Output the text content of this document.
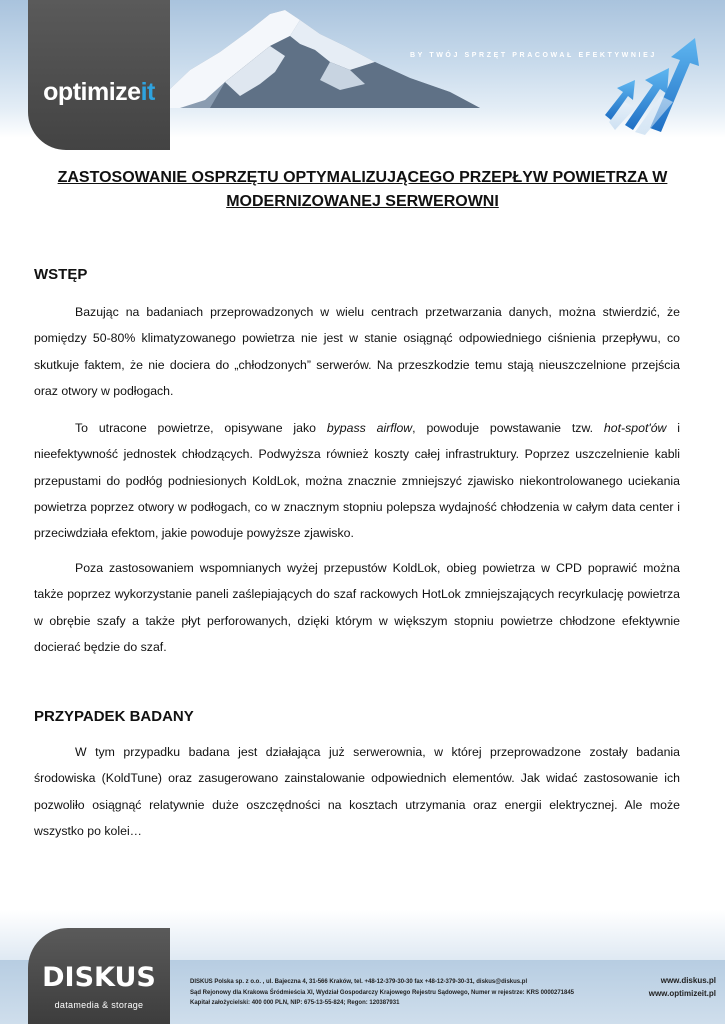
optimizeit
BY TWÓJ SPRZĘT PRACOWAŁ EFEKTYWNIEJ
ZASTOSOWANIE OSPRZĘTU OPTYMALIZUJĄCEGO PRZEPŁYW POWIETRZA W
MODERNIZOWANEJ SERWEROWNI
WSTĘP
Bazując na badaniach przeprowadzonych w wielu centrach przetwarzania danych, można stwierdzić, że pomiędzy 50-80% klimatyzowanego powietrza nie jest w stanie osiągnąć odpowiedniego ciśnienia przepływu, co skutkuje faktem, że nie dociera do „chłodzonych” serwerów. Na przeszkodzie temu stają nieuszczelnione przejścia oraz otwory w podłogach.
To utracone powietrze, opisywane jako bypass airflow, powoduje powstawanie tzw. hot-spot'ów i nieefektywność jednostek chłodzących. Podwyższa również koszty całej infrastruktury. Poprzez uszczelnienie kabli przepustami do podłóg podniesionych KoldLok, można znacznie zmniejszyć zjawisko niekontrolowanego uciekania powietrza poprzez otwory w podłogach, co w znacznym stopniu polepsza wydajność chłodzenia w całym data center i przeciwdziała efektom, jakie powoduje powyższe zjawisko.
Poza zastosowaniem wspomnianych wyżej przepustów KoldLok, obieg powietrza w CPD poprawić można także poprzez wykorzystanie paneli zaślepiających do szaf rackowych HotLok zmniejszających recyrkulację powietrza w obrębie szafy a także płyt perforowanych, dzięki którym w większym stopniu powietrze chłodzone efektywnie docierać będzie do szaf.
PRZYPADEK BADANY
W tym przypadku badana jest działająca już serwerownia, w której przeprowadzone zostały badania środowiska (KoldTune) oraz zasugerowano zainstalowanie odpowiednich elementów. Jak widać zastosowanie ich pozwoliło osiągnąć relatywnie duże oszczędności na kosztach utrzymania oraz energii elektrycznej. Ale może wszystko po kolei…
DISKUS
datamedia & storage
DISKUS Polska sp. z o.o. , ul. Bajeczna 4, 31-566 Kraków, tel. +48-12-379-30-30 fax +48-12-379-30-31, diskus@diskus.pl
Sąd Rejonowy dla Krakowa Śródmieścia XI, Wydział Gospodarczy Krajowego Rejestru Sądowego, Numer w rejestrze: KRS 0000271845
Kapitał założycielski: 400 000 PLN, NIP: 675-13-55-824; Regon: 120387931
www.diskus.pl
www.optimizeit.pl
